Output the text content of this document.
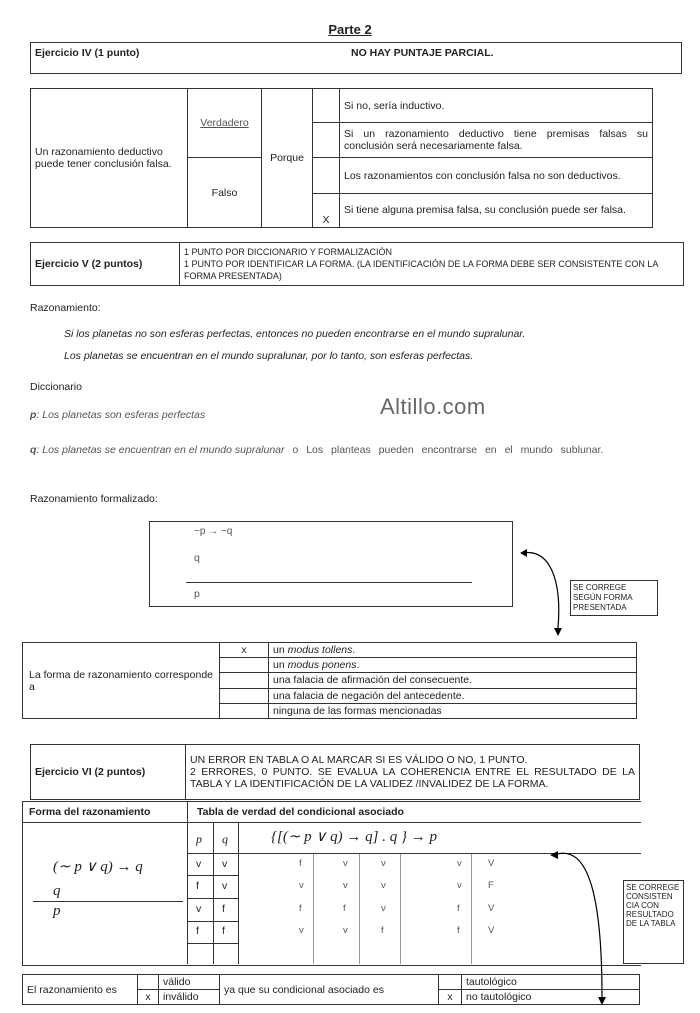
Parte 2
Ejercicio IV (1 punto)	NO HAY PUNTAJE PARCIAL.
Un razonamiento deductivo puede tener conclusión falsa.	Verdadero	Porque		Si no, sería inductivo.
				Si un razonamiento deductivo tiene premisas falsas su conclusión será necesariamente falsa.
	Falso			Los razonamientos con conclusión falsa no son deductivos.
			X	Si tiene alguna premisa falsa, su conclusión puede ser falsa.
Ejercicio V (2 puntos)	1 PUNTO POR DICCIONARIO Y FORMALIZACIÓN
1 PUNTO POR IDENTIFICAR LA FORMA. (LA IDENTIFICACIÓN DE LA FORMA DEBE SER CONSISTENTE CON LA FORMA PRESENTADA)
Razonamiento:
Si los planetas no son esferas perfectas, entonces no pueden encontrarse en el mundo supralunar.
Los planetas se encuentran en el mundo supralunar, por lo tanto, son esferas perfectas.
Diccionario
Altillo.com
p: Los planetas son esferas perfectas
q: Los planetas se encuentran en el mundo supralunar o Los planteas pueden encontrarse en el mundo sublunar.
Razonamiento formalizado:
~p → ~q
q
p
SE CORREGE SEGÚN FORMA PRESENTADA
La forma de razonamiento corresponde a	x	un modus tollens.
		un modus ponens.
		una falacia de afirmación del consecuente.
		una falacia de negación del antecedente.
		ninguna de las formas mencionadas
Ejercicio VI (2 puntos)	UN ERROR EN TABLA O AL MARCAR SI ES VÁLIDO O NO, 1 PUNTO.
2 ERRORES, 0 PUNTO. SE EVALUA LA COHERENCIA ENTRE EL RESULTADO DE LA TABLA Y LA IDENTIFICACIÓN DE LA VALIDEZ /INVALIDEZ DE LA FORMA.
Forma del razonamiento	Tabla de verdad del condicional asociado
p q	{[(∼ p ∨ q) → q] . q } → p
(∼ p ∨ q) → q
q
p
v v	f	v	v	v	V
f v	v	v	v	v	F
v f	f	f	v	f	V
f f	v	v	f	f	V
SE CORREGE CONSISTEN CIA CON RESULTADO DE LA TABLA
El razonamiento es		válido	ya que su condicional asociado es		tautológico
	x	inválido		x	no tautológico
